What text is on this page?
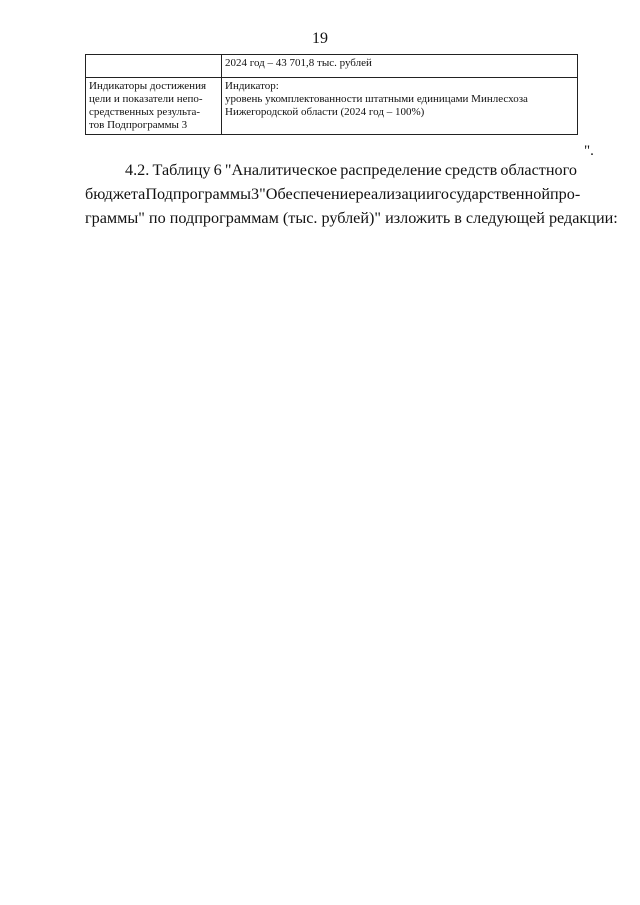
19
	2024 год – 43 701,8 тыс. рублей

Индикаторы достижения
цели и показатели непо-
средственных результа-
тов Подпрограммы 3	Индикатор:
уровень укомплектованности штатными единицами Минлесхоза
Нижегородской области (2024 год – 100%)
".
4.2. Таблицу 6 "Аналитическое распределение средств областного
бюджета Подпрограммы 3 "Обеспечение реализации государственной про-
граммы" по подпрограммам (тыс. рублей)" изложить в следующей редакции:
